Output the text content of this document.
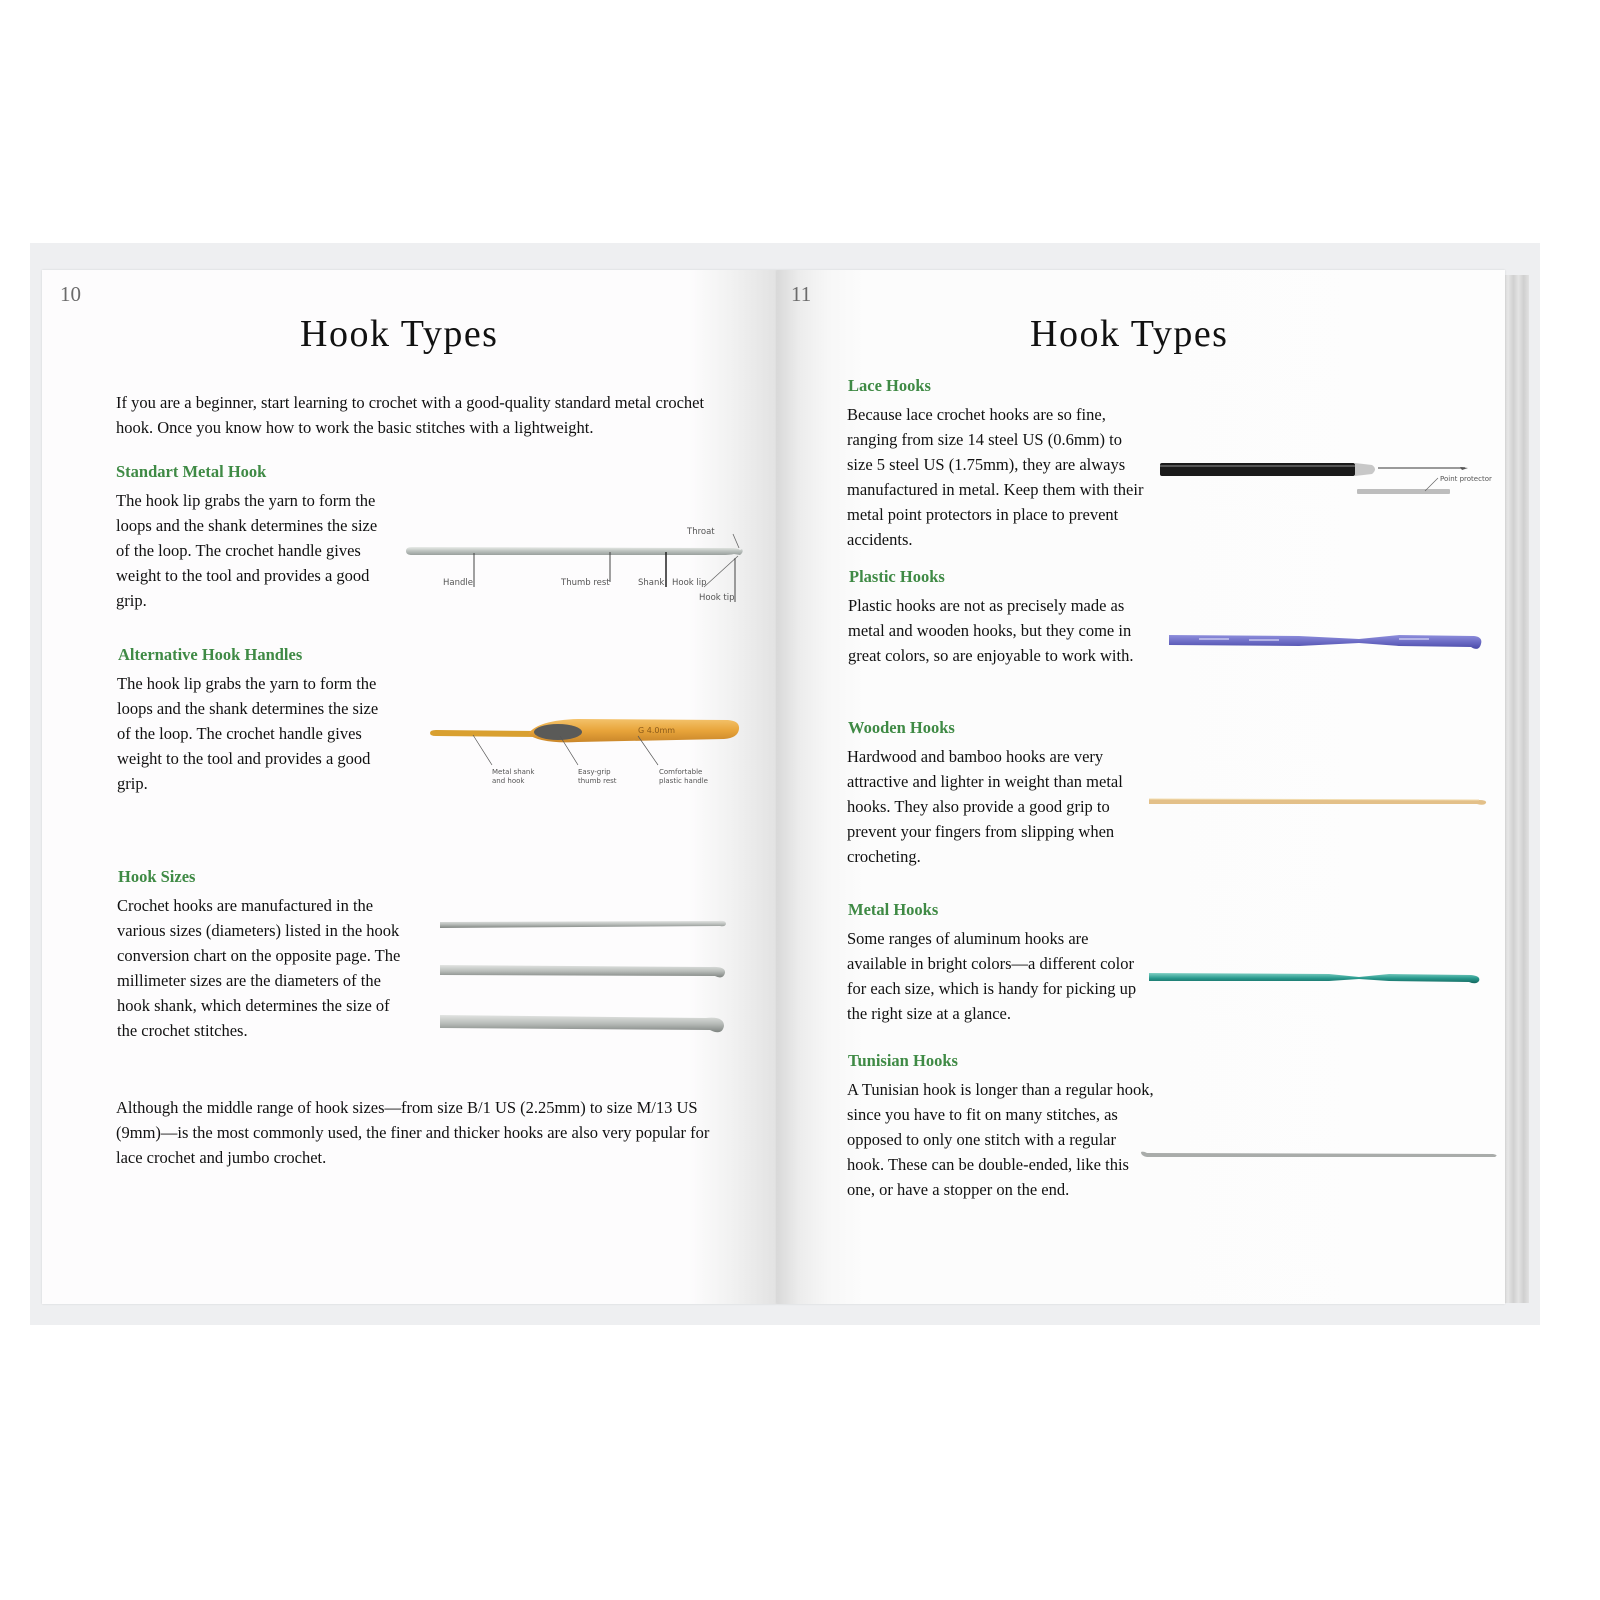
10
Hook Types
If you are a beginner, start learning to crochet with a good-quality standard metal crochet hook. Once you know how to work the basic stitches with a lightweight.
Standart Metal Hook
The hook lip grabs the yarn to form the loops and the shank determines the size of the loop. The crochet handle gives weight to the tool and provides a good grip.
Handle	Thumb rest	Shank Hook lip
Hook tip
Throat
Alternative Hook Handles
The hook lip grabs the yarn to form the loops and the shank determines the size of the loop. The crochet handle gives weight to the tool and provides a good grip.
G 4.0mm
Metal shank and hook
Easy-grip thumb rest
Comfortable plastic handle
Hook Sizes
Crochet hooks are manufactured in the various sizes (diameters) listed in the hook conversion chart on the opposite page. The millimeter sizes are the diameters of the hook shank, which determines the size of the crochet stitches.
Although the middle range of hook sizes—from size B/1 US (2.25mm) to size M/13 US (9mm)—is the most commonly used, the finer and thicker hooks are also very popular for lace crochet and jumbo crochet.
11
Hook Types
Lace Hooks
Because lace crochet hooks are so fine, ranging from size 14 steel US (0.6mm) to size 5 steel US (1.75mm), they are always manufactured in metal. Keep them with their metal point protectors in place to prevent accidents.
Point protector
Plastic Hooks
Plastic hooks are not as precisely made as metal and wooden hooks, but they come in great colors, so are enjoyable to work with.
Wooden Hooks
Hardwood and bamboo hooks are very attractive and lighter in weight than metal hooks. They also provide a good grip to prevent your fingers from slipping when crocheting.
Metal Hooks
Some ranges of aluminum hooks are available in bright colors—a different color for each size, which is handy for picking up the right size at a glance.
Tunisian Hooks
A Tunisian hook is longer than a regular hook, since you have to fit on many stitches, as opposed to only one stitch with a regular hook. These can be double-ended, like this one, or have a stopper on the end.
